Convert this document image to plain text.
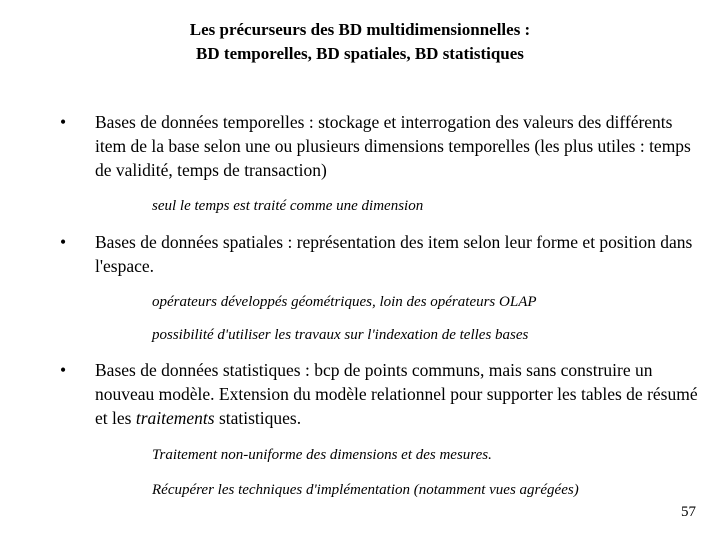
Les précurseurs des BD multidimensionnelles :
BD temporelles, BD spatiales, BD statistiques
• Bases de données temporelles : stockage et interrogation des valeurs des différents item de la base selon une ou plusieurs dimensions temporelles (les plus utiles : temps de validité, temps de transaction)
seul le temps est traité comme une dimension
• Bases de données spatiales : représentation des item selon leur forme et position dans l'espace.
opérateurs développés géométriques, loin des opérateurs OLAP
possibilité d'utiliser les travaux sur l'indexation de telles bases
• Bases de données statistiques : bcp de points communs, mais sans construire un nouveau modèle. Extension du modèle relationnel pour supporter les tables de résumé et les traitements statistiques.
Traitement non-uniforme des dimensions et des mesures.
Récupérer les techniques d'implémentation (notamment vues agrégées)
57
